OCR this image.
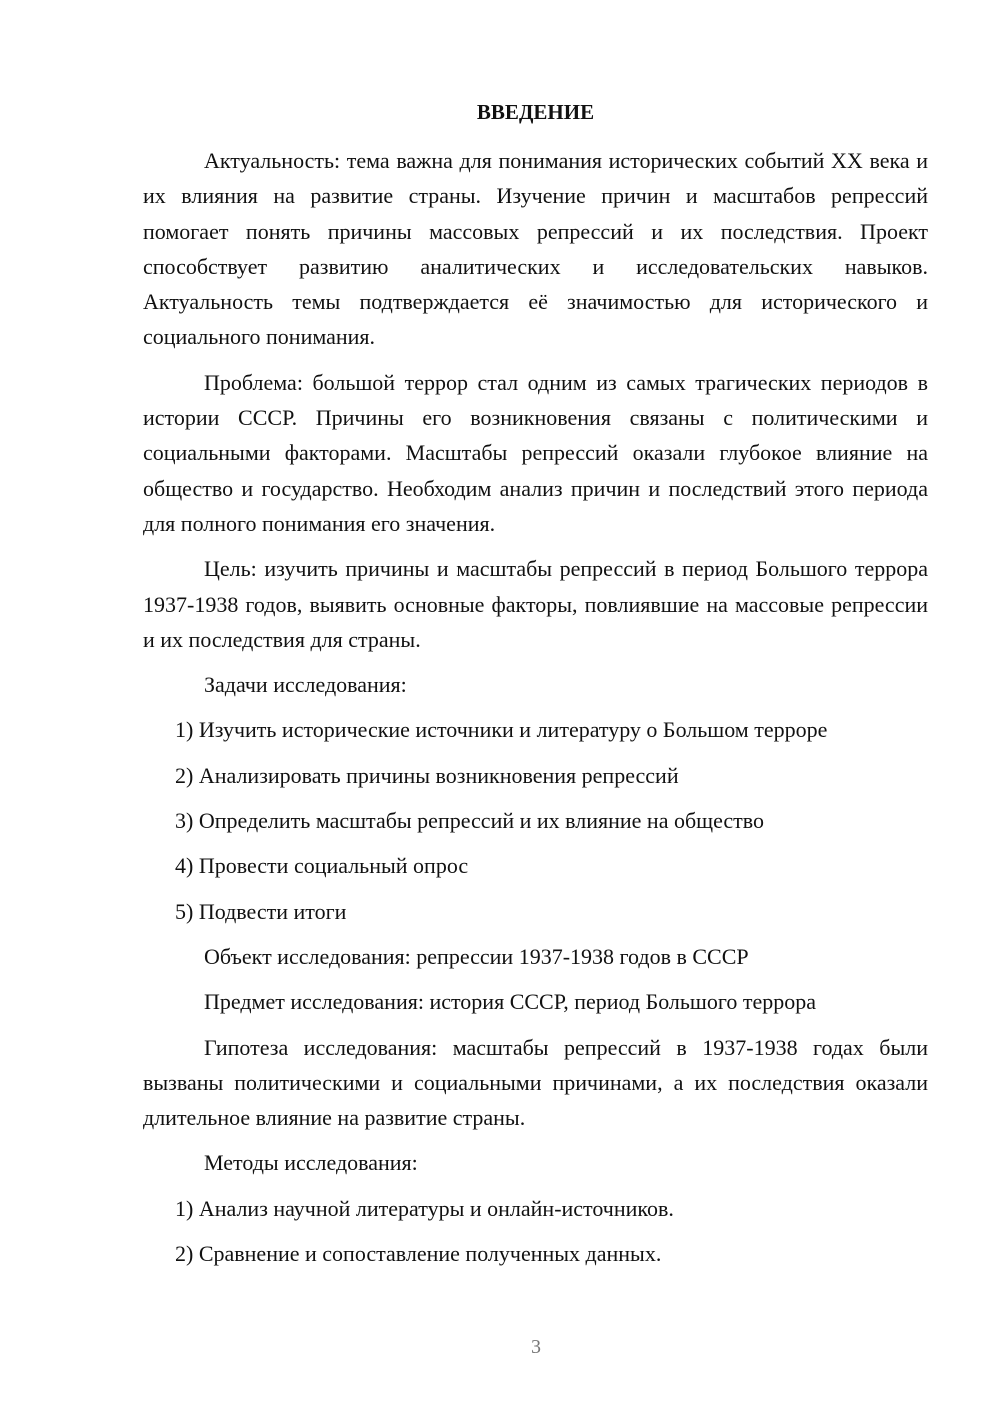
ВВЕДЕНИЕ

Актуальность: тема важна для понимания исторических событий XX века и их влияния на развитие страны. Изучение причин и масштабов репрессий помогает понять причины массовых репрессий и их последствия. Проект способствует развитию аналитических и исследовательских навыков. Актуальность темы подтверждается её значимостью для исторического и социального понимания.

Проблема: большой террор стал одним из самых трагических периодов в истории СССР. Причины его возникновения связаны с политическими и социальными факторами. Масштабы репрессий оказали глубокое влияние на общество и государство. Необходим анализ причин и последствий этого периода для полного понимания его значения.

Цель: изучить причины и масштабы репрессий в период Большого террора 1937-1938 годов, выявить основные факторы, повлиявшие на массовые репрессии и их последствия для страны.

Задачи исследования:

1) Изучить исторические источники и литературу о Большом терроре

2) Анализировать причины возникновения репрессий

3) Определить масштабы репрессий и их влияние на общество

4) Провести социальный опрос

5) Подвести итоги

Объект исследования: репрессии 1937-1938 годов в СССР

Предмет исследования: история СССР, период Большого террора

Гипотеза исследования: масштабы репрессий в 1937-1938 годах были вызваны политическими и социальными причинами, а их последствия оказали длительное влияние на развитие страны.

Методы исследования:

1) Анализ научной литературы и онлайн-источников.

2) Сравнение и сопоставление полученных данных.

3
